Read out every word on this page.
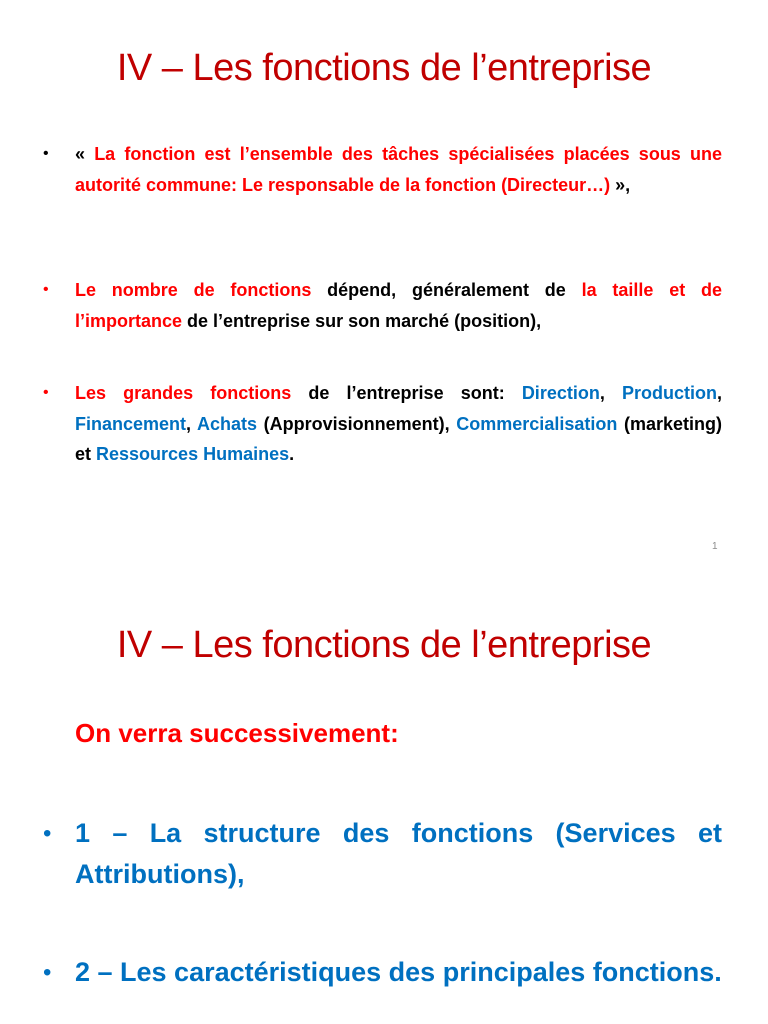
IV – Les fonctions de l’entreprise
• « La fonction est l’ensemble des tâches spécialisées placées sous une autorité commune: Le responsable de la fonction (Directeur…) »,
• Le nombre de fonctions dépend, généralement de la taille et de l’importance de l’entreprise sur son marché (position),
• Les grandes fonctions de l’entreprise sont: Direction, Production, Financement, Achats (Approvisionnement), Commercialisation (marketing) et Ressources Humaines.
1
IV – Les fonctions de l’entreprise
On verra successivement:
• 1 – La structure des fonctions (Services et Attributions),
• 2 – Les caractéristiques des principales fonctions.
